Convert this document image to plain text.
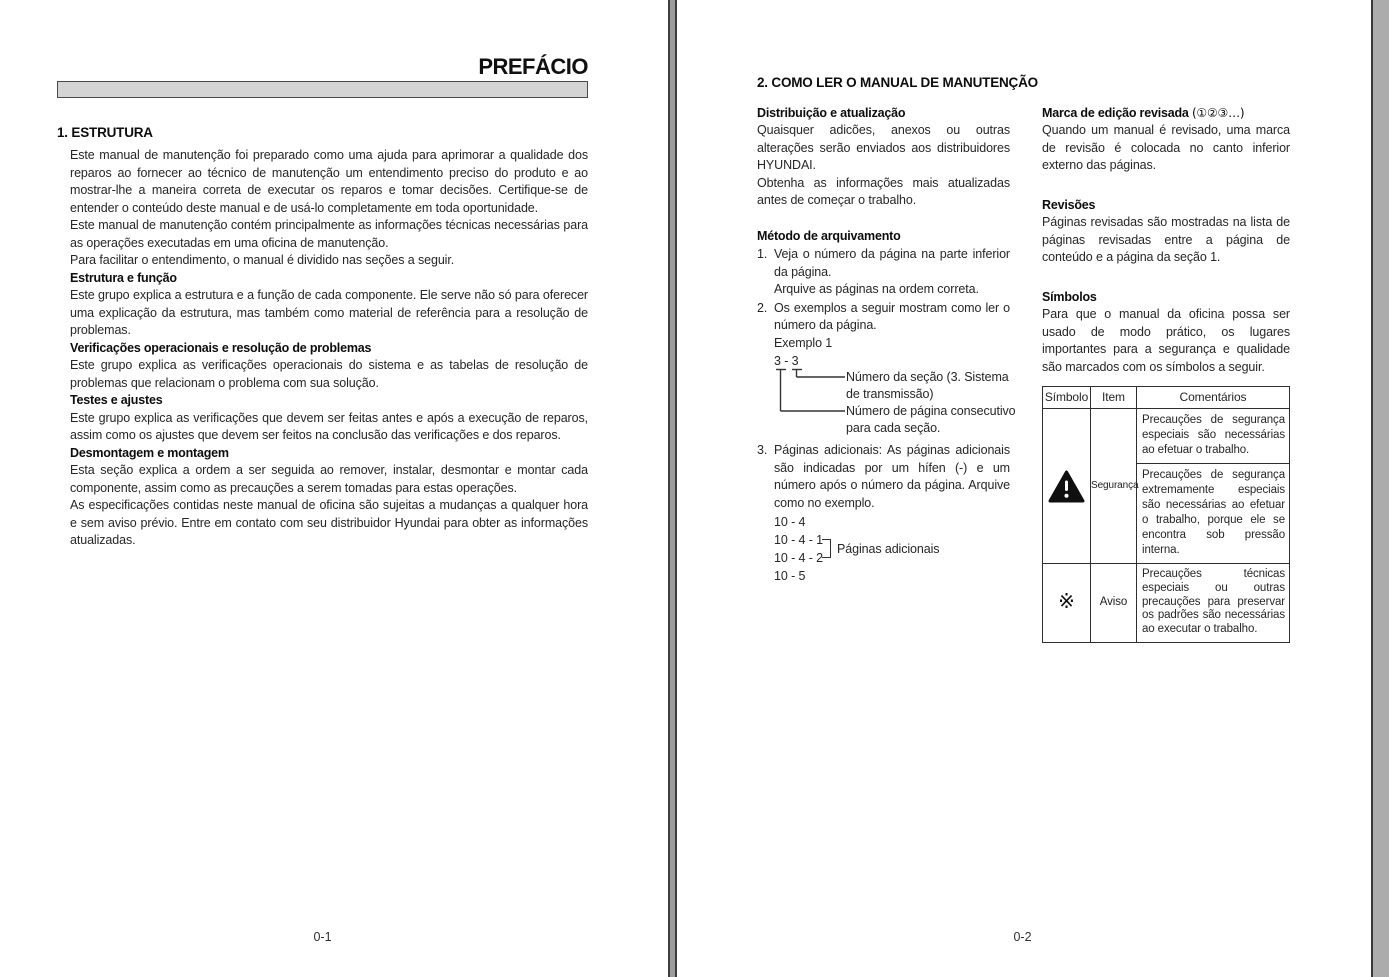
PREFÁCIO
1. ESTRUTURA

Este manual de manutenção foi preparado como uma ajuda para aprimorar a qualidade dos reparos ao fornecer ao técnico de manutenção um entendimento preciso do produto e ao mostrar-lhe a maneira correta de executar os reparos e tomar decisões. Certifique-se de entender o conteúdo deste manual e de usá-lo completamente em toda oportunidade.

Este manual de manutenção contém principalmente as informações técnicas necessárias para as operações executadas em uma oficina de manutenção.

Para facilitar o entendimento, o manual é dividido nas seções a seguir.

Estrutura e função

Este grupo explica a estrutura e a função de cada componente. Ele serve não só para oferecer uma explicação da estrutura, mas também como material de referência para a resolução de problemas.

Verificações operacionais e resolução de problemas

Este grupo explica as verificações operacionais do sistema e as tabelas de resolução de problemas que relacionam o problema com sua solução.

Testes e ajustes

Este grupo explica as verificações que devem ser feitas antes e após a execução de reparos, assim como os ajustes que devem ser feitos na conclusão das verificações e dos reparos.

Desmontagem e montagem

Esta seção explica a ordem a ser seguida ao remover, instalar, desmontar e montar cada componente, assim como as precauções a serem tomadas para estas operações.

As especificações contidas neste manual de oficina são sujeitas a mudanças a qualquer hora e sem aviso prévio. Entre em contato com seu distribuidor Hyundai para obter as informações atualizadas.

0-1
2. COMO LER O MANUAL DE MANUTENÇÃO
Distribuição e atualização
Quaisquer adicões, anexos ou outras alterações serão enviados aos distribuidores HYUNDAI.
Obtenha as informações mais atualizadas antes de começar o trabalho.
Método de arquivamento
1. Veja o número da página na parte inferior da página.
Arquive as páginas na ordem correta.
2. Os exemplos a seguir mostram como ler o número da página.
Exemplo 1
3 - 3
Número da seção (3. Sistema de transmissão)
Número de página consecutivo para cada seção.
3. Páginas adicionais: As páginas adicionais são indicadas por um hífen (-) e um número após o número da página. Arquive como no exemplo.
10 - 4
10 - 4 - 1
10 - 4 - 2
10 - 5
Páginas adicionais
Marca de edição revisada (①②③…)
Quando um manual é revisado, uma marca de revisão é colocada no canto inferior externo das páginas.
Revisões
Páginas revisadas são mostradas na lista de páginas revisadas entre a página de conteúdo e a página da seção 1.
Símbolos
Para que o manual da oficina possa ser usado de modo prático, os lugares importantes para a segurança e qualidade são marcados com os símbolos a seguir.
Símbolo	Item	Comentários

	Segurança	Precauções de segurança especiais são necessárias ao efetuar o trabalho.
		Precauções de segurança extremamente especiais são necessárias ao efetuar o trabalho, porque ele se encontra sob pressão interna.
※	Aviso	Precauções técnicas especiais ou outras precauções para preservar os padrões são necessárias ao executar o trabalho.
0-2
